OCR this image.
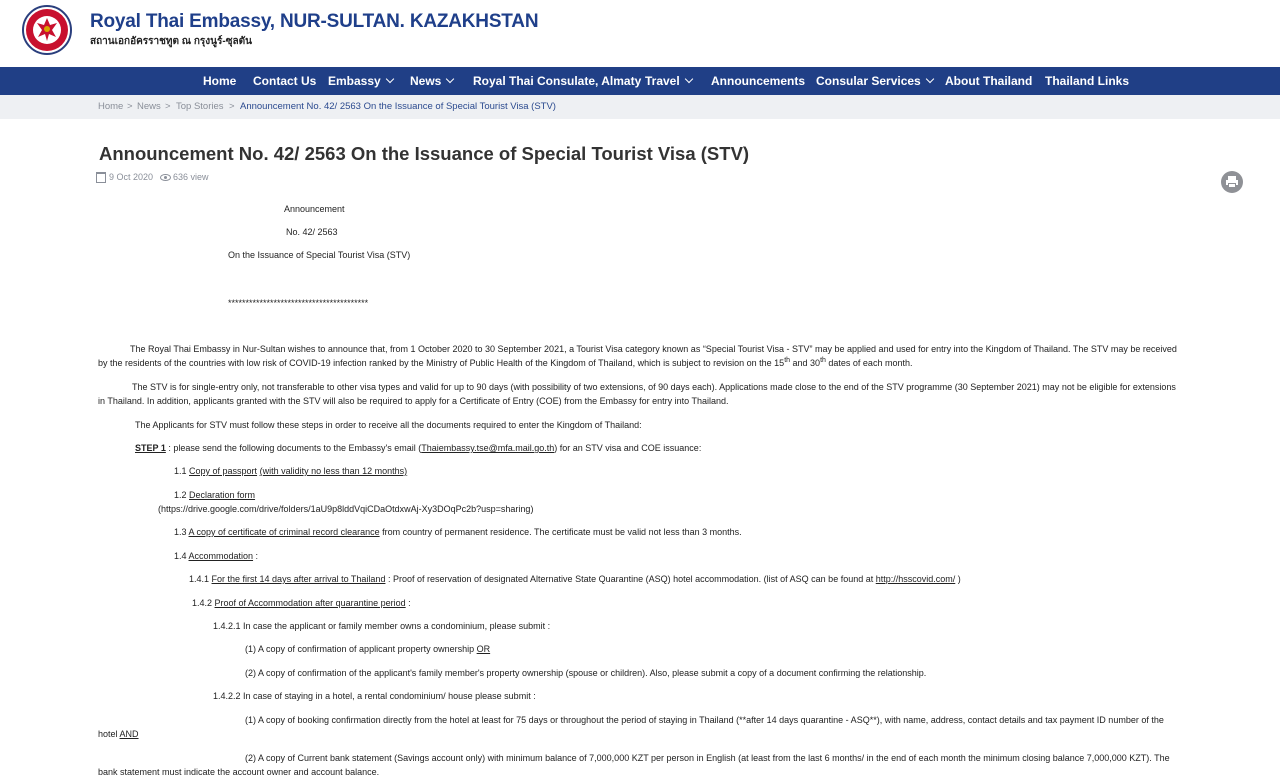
Royal Thai Embassy, NUR-SULTAN. KAZAKHSTAN
สถานเอกอัครราชทูต ณ กรุงนูร์-ซุลตัน
Home Contact Us Embassy	News	Royal Thai Consulate, Almaty Travel	Announcements Consular Services	About Thailand Thailand Links
Home > News > Top Stories > Announcement No. 42/ 2563 On the Issuance of Special Tourist Visa (STV)
Announcement No. 42/ 2563 On the Issuance of Special Tourist Visa (STV)
9 Oct 2020 636 view
Announcement
No. 42/ 2563
On the Issuance of Special Tourist Visa (STV)
****************************************
The Royal Thai Embassy in Nur-Sultan wishes to announce that, from 1 October 2020 to 30 September 2021, a Tourist Visa category known as “Special Tourist Visa - STV” may be applied and used for entry into the Kingdom of Thailand. The STV may be received
by the residents of the countries with low risk of COVID-19 infection ranked by the Ministry of Public Health of the Kingdom of Thailand, which is subject to revision on the 15th and 30th dates of each month.
The STV is for single-entry only, not transferable to other visa types and valid for up to 90 days (with possibility of two extensions, of 90 days each). Applications made close to the end of the STV programme (30 September 2021) may not be eligible for extensions
in Thailand. In addition, applicants granted with the STV will also be required to apply for a Certificate of Entry (COE) from the Embassy for entry into Thailand.
The Applicants for STV must follow these steps in order to receive all the documents required to enter the Kingdom of Thailand:
STEP 1 : please send the following documents to the Embassy's email (Thaiembassy.tse@mfa.mail.go.th) for an STV visa and COE issuance:
1.1 Copy of passport (with validity no less than 12 months)
1.2 Declaration form
(https://drive.google.com/drive/folders/1aU9p8lddVqiCDaOtdxwAj-Xy3DOqPc2b?usp=sharing)
1.3 A copy of certificate of criminal record clearance from country of permanent residence. The certificate must be valid not less than 3 months.
1.4 Accommodation :
1.4.1 For the first 14 days after arrival to Thailand : Proof of reservation of designated Alternative State Quarantine (ASQ) hotel accommodation. (list of ASQ can be found at http://hsscovid.com/ )
1.4.2 Proof of Accommodation after quarantine period :
1.4.2.1 In case the applicant or family member owns a condominium, please submit :
(1) A copy of confirmation of applicant property ownership OR
(2) A copy of confirmation of the applicant's family member's property ownership (spouse or children). Also, please submit a copy of a document confirming the relationship.
1.4.2.2 In case of staying in a hotel, a rental condominium/ house please submit :
(1) A copy of booking confirmation directly from the hotel at least for 75 days or throughout the period of staying in Thailand (**after 14 days quarantine - ASQ**), with name, address, contact details and tax payment ID number of the
hotel AND
(2) A copy of Current bank statement (Savings account only) with minimum balance of 7,000,000 KZT per person in English (at least from the last 6 months/ in the end of each month the minimum closing balance 7,000,000 KZT). The
bank statement must indicate the account owner and account balance.
